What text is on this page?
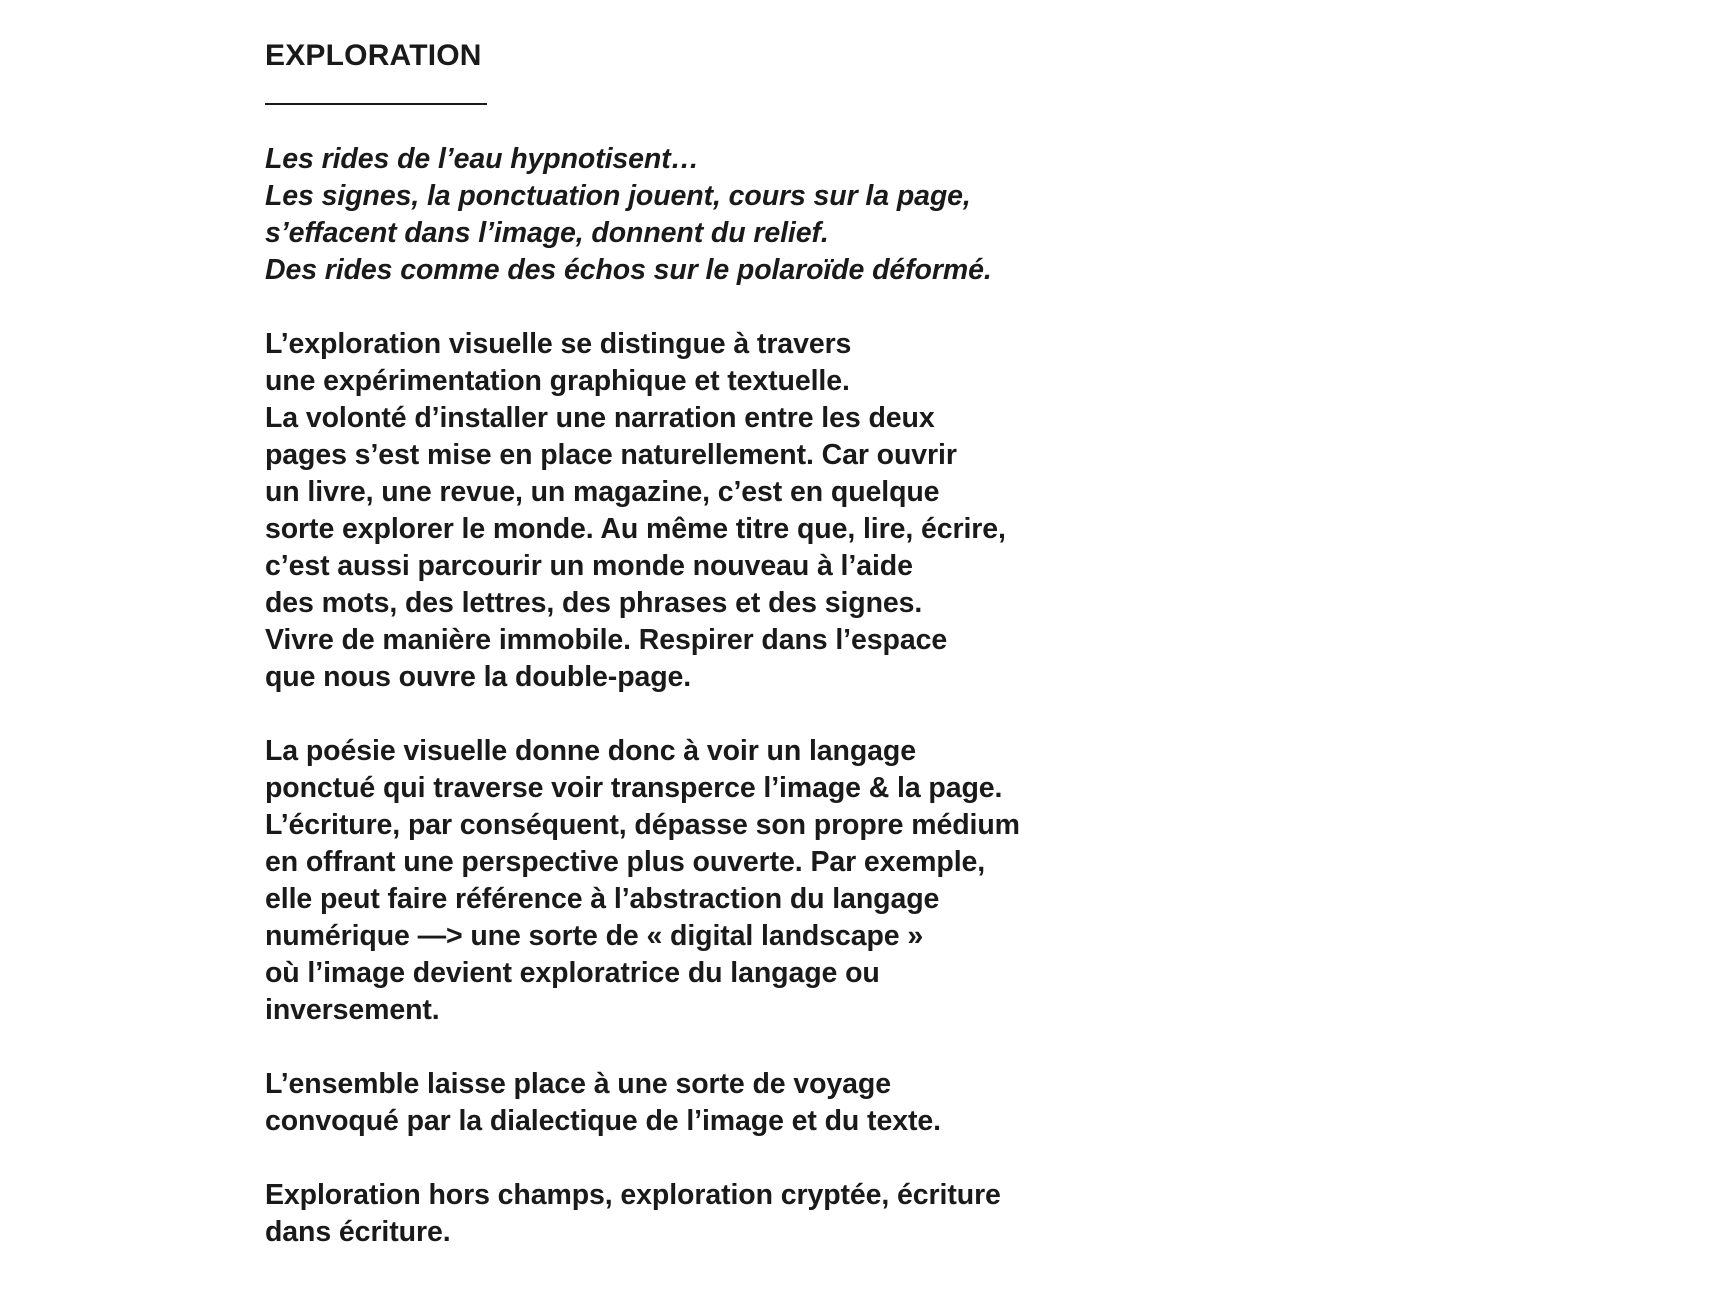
EXPLORATION

Les rides de l’eau hypnotisent…
Les signes, la ponctuation jouent, cours sur la page,
s’effacent dans l’image, donnent du relief.
Des rides comme des échos sur le polaroïde déformé.

L’exploration visuelle se distingue à travers
une expérimentation graphique et textuelle.
La volonté d’installer une narration entre les deux
pages s’est mise en place naturellement. Car ouvrir
un livre, une revue, un magazine, c’est en quelque
sorte explorer le monde. Au même titre que, lire, écrire,
c’est aussi parcourir un monde nouveau à l’aide
des mots, des lettres, des phrases et des signes.
Vivre de manière immobile. Respirer dans l’espace
que nous ouvre la double-page.

La poésie visuelle donne donc à voir un langage
ponctué qui traverse voir transperce l’image & la page.
L’écriture, par conséquent, dépasse son propre médium
en offrant une perspective plus ouverte. Par exemple,
elle peut faire référence à l’abstraction du langage
numérique —> une sorte de « digital landscape »
où l’image devient exploratrice du langage ou
inversement.

L’ensemble laisse place à une sorte de voyage
convoqué par la dialectique de l’image et du texte.

Exploration hors champs, exploration cryptée, écriture
dans écriture.
